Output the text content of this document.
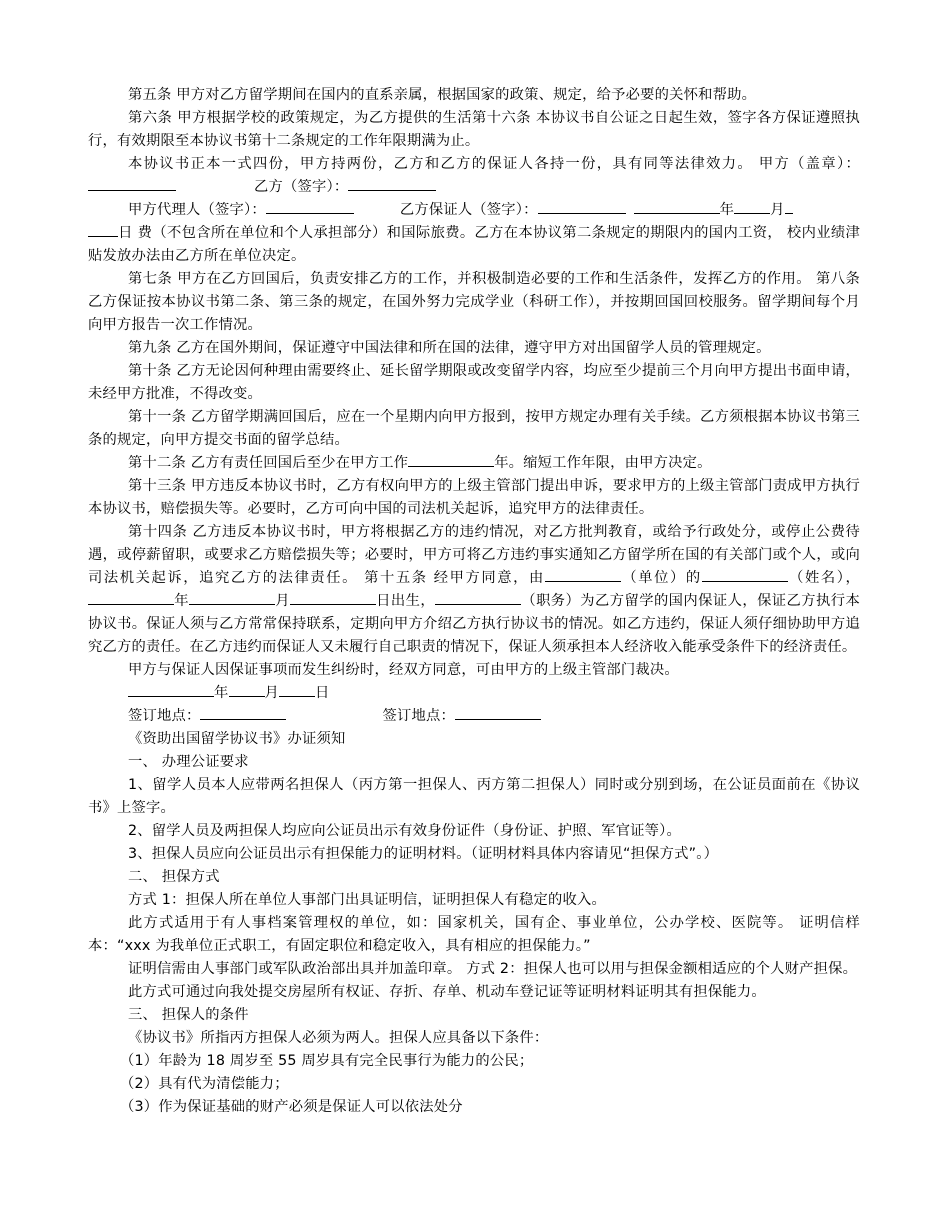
第五条 甲方对乙方留学期间在国内的直系亲属，根据国家的政策、规定，给予必要的关怀和帮助。

第六条 甲方根据学校的政策规定，为乙方提供的生活第十六条 本协议书自公证之日起生效，签字各方保证遵照执行，有效期限至本协议书第十二条规定的工作年限期满为止。

本协议书正本一式四份，甲方持两份，乙方和乙方的保证人各持一份，具有同等法律效力。 甲方（盖章）：乙方（签字）：

甲方代理人（签字）：	乙方保证人（签字）：	年	月
日 费（不包含所在单位和个人承担部分）和国际旅费。乙方在本协议第二条规定的期限内的国内工资， 校内业绩津贴发放办法由乙方所在单位决定。

第七条 甲方在乙方回国后，负责安排乙方的工作，并积极制造必要的工作和生活条件，发挥乙方的作用。 第八条 乙方保证按本协议书第二条、第三条的规定，在国外努力完成学业（科研工作），并按期回国回校服务。留学期间每个月向甲方报告一次工作情况。

第九条 乙方在国外期间，保证遵守中国法律和所在国的法律，遵守甲方对出国留学人员的管理规定。

第十条 乙方无论因何种理由需要终止、延长留学期限或改变留学内容，均应至少提前三个月向甲方提出书面申请，未经甲方批准，不得改变。

第十一条 乙方留学期满回国后，应在一个星期内向甲方报到，按甲方规定办理有关手续。乙方须根据本协议书第三条的规定，向甲方提交书面的留学总结。

第十二条 乙方有责任回国后至少在甲方工作	年。缩短工作年限，由甲方决定。

第十三条 甲方违反本协议书时，乙方有权向甲方的上级主管部门提出申诉，要求甲方的上级主管部门责成甲方执行本协议书，赔偿损失等。必要时，乙方可向中国的司法机关起诉，追究甲方的法律责任。

第十四条 乙方违反本协议书时，甲方将根据乙方的违约情况，对乙方批判教育，或给予行政处分，或停止公费待遇，或停薪留职，或要求乙方赔偿损失等；必要时，甲方可将乙方违约事实通知乙方留学所在国的有关部门或个人，或向司法机关起诉，追究乙方的法律责任。 第十五条 经甲方同意，由	（单位）的	（姓名），年	月	日出生，	（职务）为乙方留学的国内保证人，保证乙方执行本协议书。保证人须与乙方常常保持联系，定期向甲方介绍乙方执行协议书的情况。如乙方违约，保证人须仔细协助甲方追究乙方的责任。在乙方违约而保证人又未履行自己职责的情况下，保证人须承担本人经济收入能承受条件下的经济责任。

甲方与保证人因保证事项而发生纠纷时，经双方同意，可由甲方的上级主管部门裁决。

年	月	日

签订地点：	签订地点：

《资助出国留学协议书》办证须知

一、 办理公证要求

1、留学人员本人应带两名担保人（丙方第一担保人、丙方第二担保人）同时或分别到场，在公证员面前在《协议书》上签字。

2、留学人员及两担保人均应向公证员出示有效身份证件（身份证、护照、军官证等）。

3、担保人员应向公证员出示有担保能力的证明材料。（证明材料具体内容请见“担保方式”。）

二、 担保方式

方式 1：担保人所在单位人事部门出具证明信，证明担保人有稳定的收入。

此方式适用于有人事档案管理权的单位，如：国家机关，国有企、事业单位，公办学校、医院等。 证明信样本：“xxx 为我单位正式职工，有固定职位和稳定收入，具有相应的担保能力。”

证明信需由人事部门或军队政治部出具并加盖印章。 方式 2：担保人也可以用与担保金额相适应的个人财产担保。

此方式可通过向我处提交房屋所有权证、存折、存单、机动车登记证等证明材料证明其有担保能力。

三、 担保人的条件

《协议书》所指丙方担保人必须为两人。担保人应具备以下条件：

（1）年龄为 18 周岁至 55 周岁具有完全民事行为能力的公民；

（2）具有代为清偿能力；

（3）作为保证基础的财产必须是保证人可以依法处分
